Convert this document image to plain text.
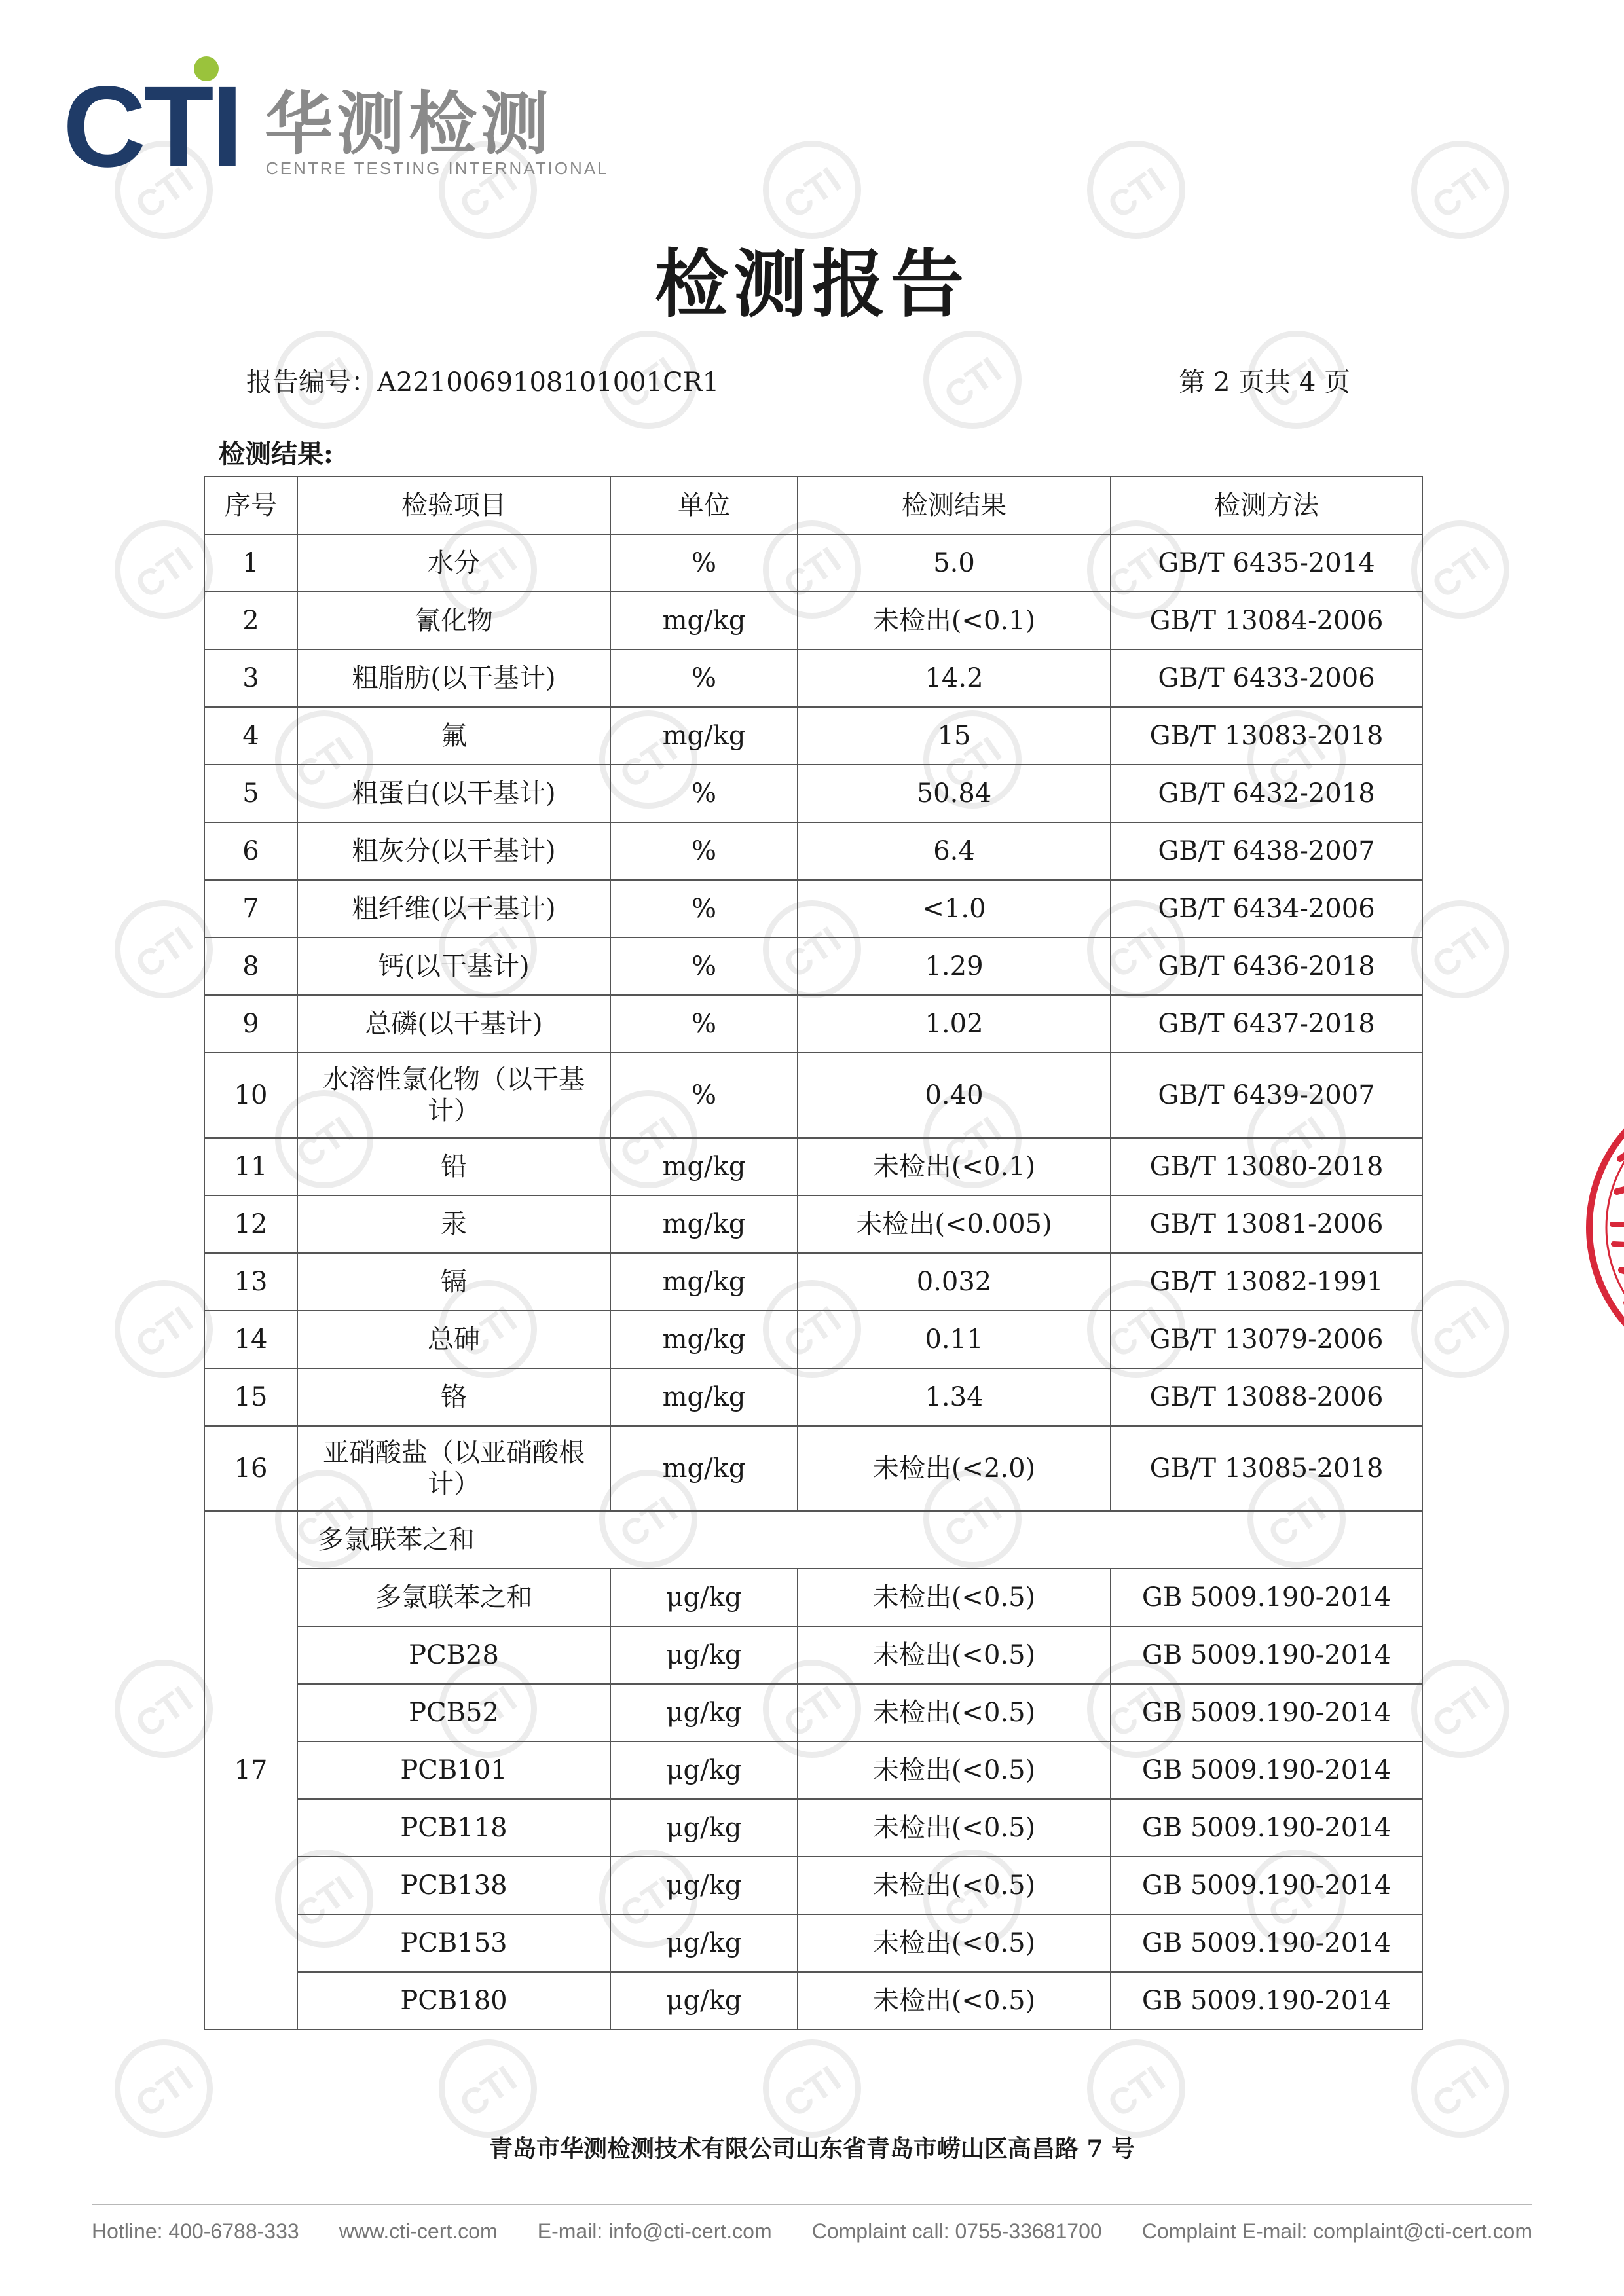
CTI
CTI
CTI
CTI
CTI
CTI
CTI
CTI
CTI
CTI
CTI
CTI
CTI
CTI
CTI
CTI
CTI
CTI
CTI
CTI
CTI
CTI
CTI
CTI
CTI
CTI
CTI
CTI
CTI
CTI
CTI
CTI
CTI
CTI
CTI
CTI
CTI
CTI
CTI
CTI
CTI
CTI
CTI
CTI
CTI
CTI
CTI
CTI
CTI
CTI
CTI 华测检测
CENTRE TESTING INTERNATIONAL
检测报告
报告编号：A2210069108101001CR1	第 2 页共 4 页
检测结果:
序号	检验项目	单位	检测结果	检测方法
1	水分	%	5.0	GB/T 6435-2014
2	氰化物	mg/kg	未检出(<0.1)	GB/T 13084-2006
3	粗脂肪(以干基计)	%	14.2	GB/T 6433-2006
4	氟	mg/kg	15	GB/T 13083-2018
5	粗蛋白(以干基计)	%	50.84	GB/T 6432-2018
6	粗灰分(以干基计)	%	6.4	GB/T 6438-2007
7	粗纤维(以干基计)	%	<1.0	GB/T 6434-2006
8	钙(以干基计)	%	1.29	GB/T 6436-2018
9	总磷(以干基计)	%	1.02	GB/T 6437-2018
10	水溶性氯化物（以干基计）	%	0.40	GB/T 6439-2007
11	铅	mg/kg	未检出(<0.1)	GB/T 13080-2018
12	汞	mg/kg	未检出(<0.005)	GB/T 13081-2006
13	镉	mg/kg	0.032	GB/T 13082-1991
14	总砷	mg/kg	0.11	GB/T 13079-2006
15	铬	mg/kg	1.34	GB/T 13088-2006
16	亚硝酸盐（以亚硝酸根计）	mg/kg	未检出(<2.0)	GB/T 13085-2018
17	多氯联苯之和			
	多氯联苯之和	μg/kg	未检出(<0.5)	GB 5009.190-2014
	PCB28	μg/kg	未检出(<0.5)	GB 5009.190-2014
	PCB52	μg/kg	未检出(<0.5)	GB 5009.190-2014
	PCB101	μg/kg	未检出(<0.5)	GB 5009.190-2014
	PCB118	μg/kg	未检出(<0.5)	GB 5009.190-2014
	PCB138	μg/kg	未检出(<0.5)	GB 5009.190-2014
	PCB153	μg/kg	未检出(<0.5)	GB 5009.190-2014
	PCB180	μg/kg	未检出(<0.5)	GB 5009.190-2014
青岛市华测检测技术有限公司山东省青岛市崂山区高昌路 7 号
Hotline: 400-6788-333 www.cti-cert.com E-mail: info@cti-cert.com Complaint call: 0755-33681700 Complaint E-mail: complaint@cti-cert.com
